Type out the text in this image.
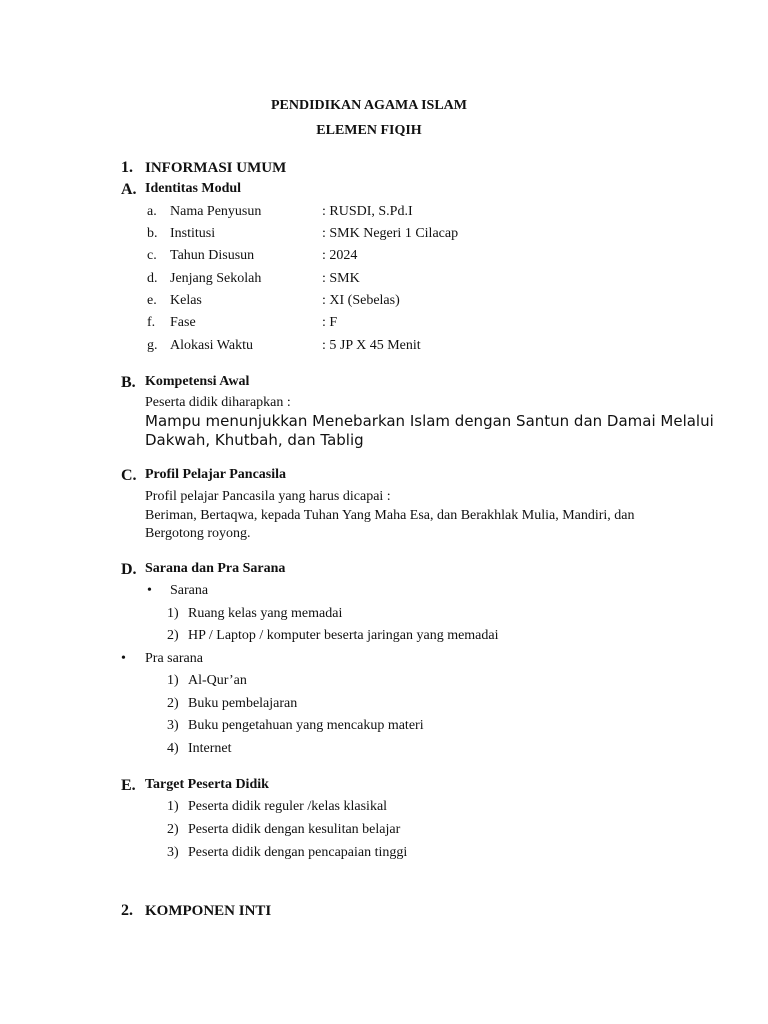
PENDIDIKAN AGAMA ISLAM
ELEMEN FIQIH
1. INFORMASI UMUM
A. Identitas Modul
a. Nama Penyusun	: RUSDI, S.Pd.I
b. Institusi	: SMK Negeri 1 Cilacap
c. Tahun Disusun	: 2024
d. Jenjang Sekolah	: SMK
e. Kelas	: XI (Sebelas)
f. Fase	: F
g. Alokasi Waktu	: 5 JP X 45 Menit
B. Kompetensi Awal
Peserta didik diharapkan :
Mampu menunjukkan Menebarkan Islam dengan Santun dan Damai Melalui
Dakwah, Khutbah, dan Tablig
C. Profil Pelajar Pancasila
Profil pelajar Pancasila yang harus dicapai :
Beriman, Bertaqwa, kepada Tuhan Yang Maha Esa, dan Berakhlak Mulia, Mandiri, dan
Bergotong royong.
D. Sarana dan Pra Sarana
• Sarana
1) Ruang kelas yang memadai
2) HP / Laptop / komputer beserta jaringan yang memadai
• Pra sarana
1) Al-Qur’an
2) Buku pembelajaran
3) Buku pengetahuan yang mencakup materi
4) Internet
E. Target Peserta Didik
1) Peserta didik reguler /kelas klasikal
2) Peserta didik dengan kesulitan belajar
3) Peserta didik dengan pencapaian tinggi
2. KOMPONEN INTI
